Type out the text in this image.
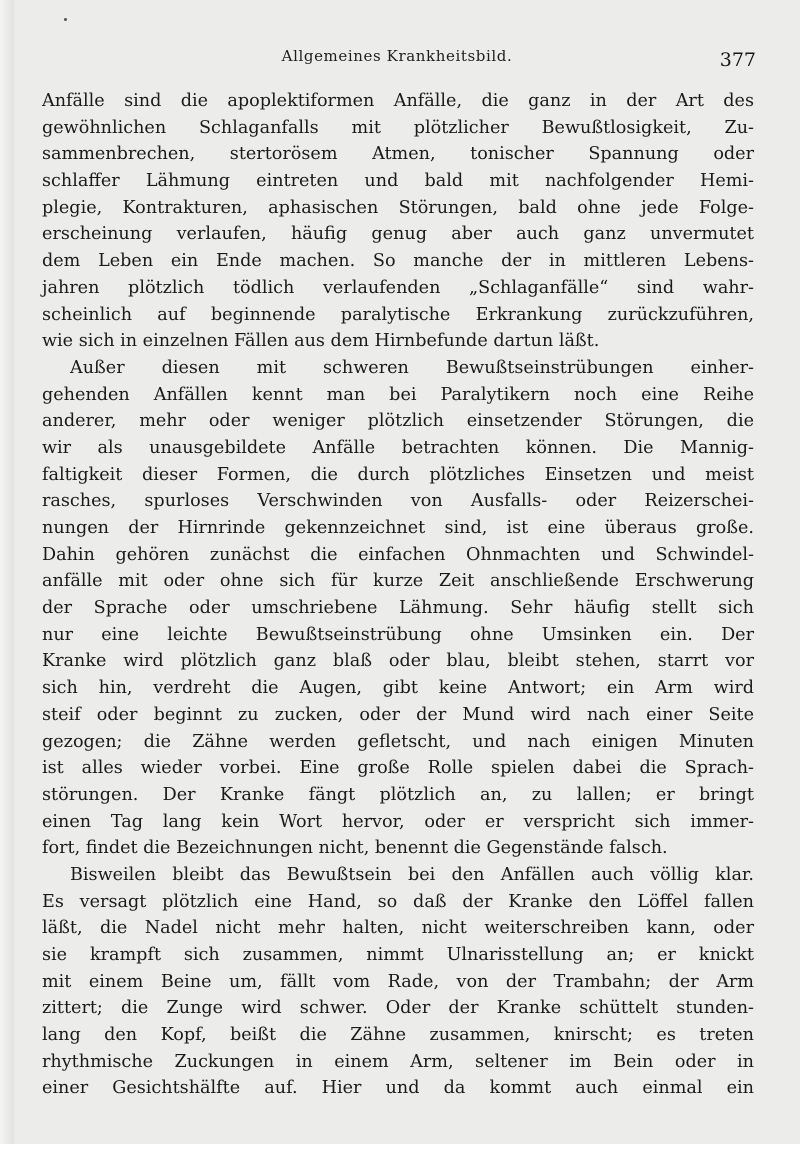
Allgemeines Krankheitsbild.	377
Anfälle sind die apoplektiformen Anfälle, die ganz in der Art des
gewöhnlichen Schlaganfalls mit plötzlicher Bewußtlosigkeit, Zu-
sammenbrechen, stertorösem Atmen, tonischer Spannung oder
schlaffer Lähmung eintreten und bald mit nachfolgender Hemi-
plegie, Kontrakturen, aphasischen Störungen, bald ohne jede Folge-
erscheinung verlaufen, häufig genug aber auch ganz unvermutet
dem Leben ein Ende machen. So manche der in mittleren Lebens-
jahren plötzlich tödlich verlaufenden „Schlaganfälle“ sind wahr-
scheinlich auf beginnende paralytische Erkrankung zurückzuführen,
wie sich in einzelnen Fällen aus dem Hirnbefunde dartun läßt.
Außer diesen mit schweren Bewußtseinstrübungen einher-
gehenden Anfällen kennt man bei Paralytikern noch eine Reihe
anderer, mehr oder weniger plötzlich einsetzender Störungen, die
wir als unausgebildete Anfälle betrachten können. Die Mannig-
faltigkeit dieser Formen, die durch plötzliches Einsetzen und meist
rasches, spurloses Verschwinden von Ausfalls- oder Reizerschei-
nungen der Hirnrinde gekennzeichnet sind, ist eine überaus große.
Dahin gehören zunächst die einfachen Ohnmachten und Schwindel-
anfälle mit oder ohne sich für kurze Zeit anschließende Erschwerung
der Sprache oder umschriebene Lähmung. Sehr häufig stellt sich
nur eine leichte Bewußtseinstrübung ohne Umsinken ein. Der
Kranke wird plötzlich ganz blaß oder blau, bleibt stehen, starrt vor
sich hin, verdreht die Augen, gibt keine Antwort; ein Arm wird
steif oder beginnt zu zucken, oder der Mund wird nach einer Seite
gezogen; die Zähne werden gefletscht, und nach einigen Minuten
ist alles wieder vorbei. Eine große Rolle spielen dabei die Sprach-
störungen. Der Kranke fängt plötzlich an, zu lallen; er bringt
einen Tag lang kein Wort hervor, oder er verspricht sich immer-
fort, findet die Bezeichnungen nicht, benennt die Gegenstände falsch.
Bisweilen bleibt das Bewußtsein bei den Anfällen auch völlig klar.
Es versagt plötzlich eine Hand, so daß der Kranke den Löffel fallen
läßt, die Nadel nicht mehr halten, nicht weiterschreiben kann, oder
sie krampft sich zusammen, nimmt Ulnarisstellung an; er knickt
mit einem Beine um, fällt vom Rade, von der Trambahn; der Arm
zittert; die Zunge wird schwer. Oder der Kranke schüttelt stunden-
lang den Kopf, beißt die Zähne zusammen, knirscht; es treten
rhythmische Zuckungen in einem Arm, seltener im Bein oder in
einer Gesichtshälfte auf. Hier und da kommt auch einmal ein
